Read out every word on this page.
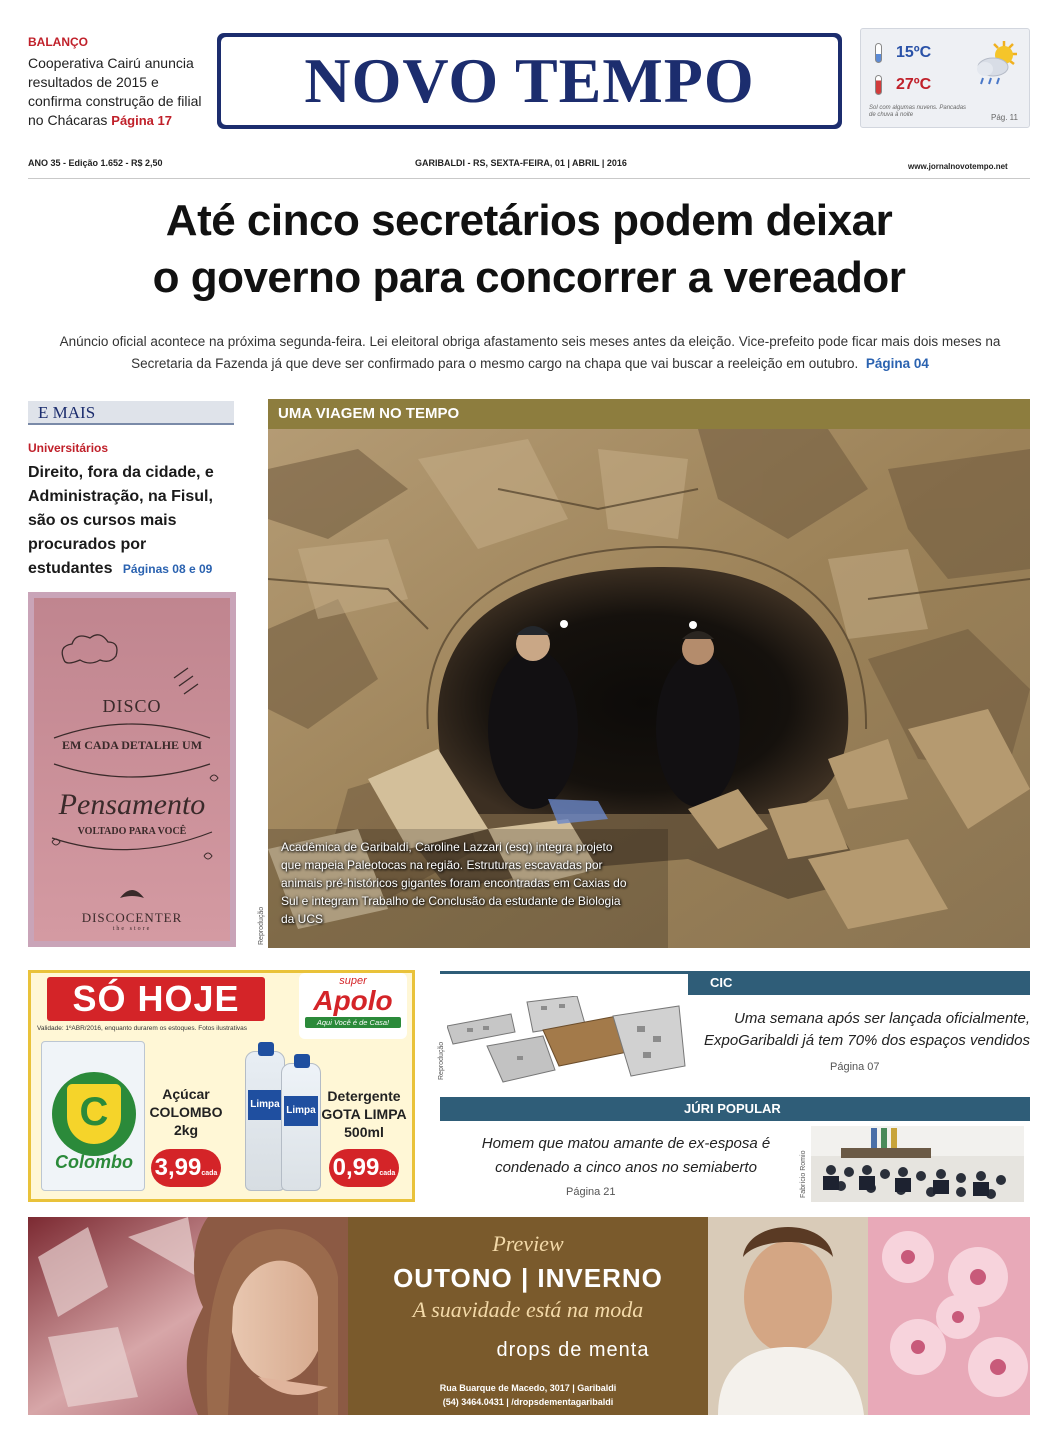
BALANÇO
Cooperativa Cairú anuncia resultados de 2015 e confirma construção de filial no Chácaras Página 17
NOVO TEMPO	15ºC
27ºC
Sol com algumas nuvens. Pancadas de chuva à noite	Pág. 11
ANO 35 - Edição 1.652 - R$ 2,50	GARIBALDI - RS, SEXTA-FEIRA, 01 | ABRIL | 2016	www.jornalnovotempo.net
Até cinco secretários podem deixar
o governo para concorrer a vereador
Anúncio oficial acontece na próxima segunda-feira. Lei eleitoral obriga afastamento seis meses antes da eleição. Vice-prefeito pode ficar mais dois meses na Secretaria da Fazenda já que deve ser confirmado para o mesmo cargo na chapa que vai buscar a reeleição em outubro. Página 04
E MAIS
Universitários
Direito, fora da cidade, e Administração, na Fisul, são os cursos mais procurados por estudantes Páginas 08 e 09
DISCO
EM CADA DETALHE UM
Pensamento
VOLTADO PARA VOCÊ
DISCOCENTER
the store
UMA VIAGEM NO TEMPO
Acadêmica de Garibaldi, Caroline Lazzari (esq) integra projeto que mapeia Paleotocas na região. Estruturas escavadas por animais pré-históricos gigantes foram encontradas em Caxias do Sul e integram Trabalho de Conclusão da estudante de Biologia da UCS
Reprodução
SÓ HOJE
Validade: 1ºABR/2016, enquanto durarem os estoques. Fotos ilustrativas
super
Apolo
Aqui Você é de Casa!
C
Colombo
Açúcar COLOMBO 2kg
3,99cada
Limpa
Limpa
Detergente GOTA LIMPA 500ml
0,99cada
CIC
Reprodução
Uma semana após ser lançada oficialmente, ExpoGaribaldi já tem 70% dos espaços vendidos
Página 07
JÚRI POPULAR
Homem que matou amante de ex-esposa é condenado a cinco anos no semiaberto
Página 21	Fabrício Romio
Preview
OUTONO | INVERNO
A suavidade está na moda
drops de menta
Rua Buarque de Macedo, 3017 | Garibaldi
(54) 3464.0431 | /dropsdementagaribaldi
